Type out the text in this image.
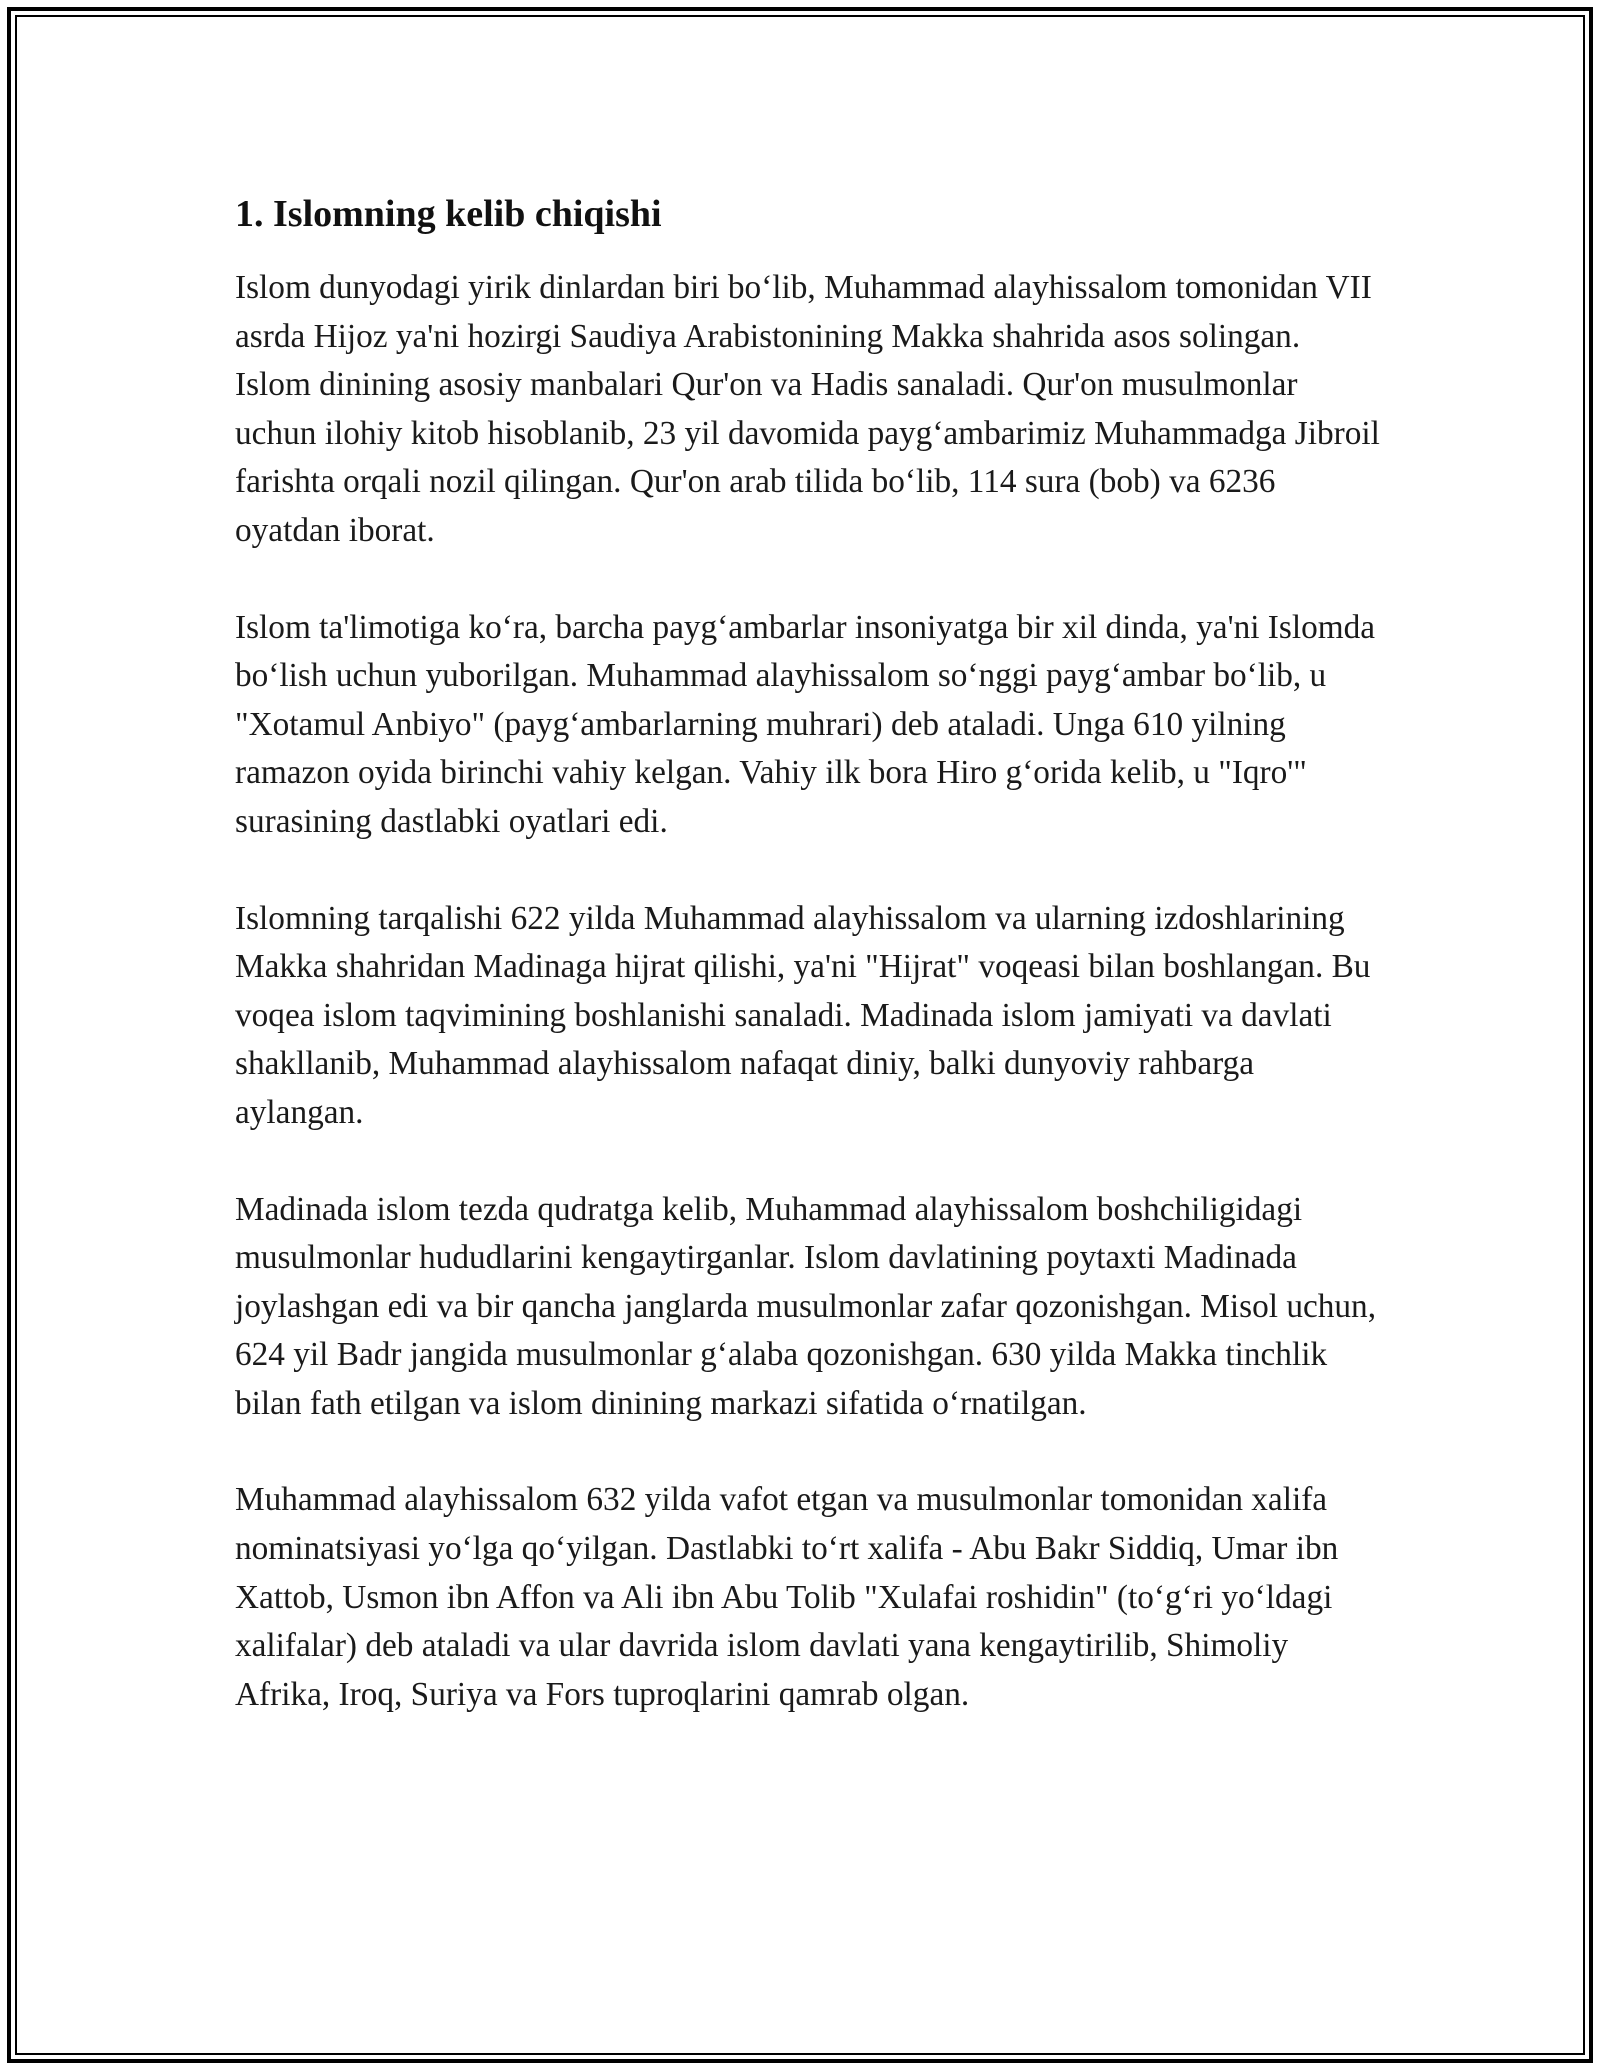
1. Islomning kelib chiqishi

Islom dunyodagi yirik dinlardan biri bo‘lib, Muhammad alayhissalom tomonidan VII asrda Hijoz ya'ni hozirgi Saudiya Arabistonining Makka shahrida asos solingan. Islom dinining asosiy manbalari Qur'on va Hadis sanaladi. Qur'on musulmonlar uchun ilohiy kitob hisoblanib, 23 yil davomida payg‘ambarimiz Muhammadga Jibroil farishta orqali nozil qilingan. Qur'on arab tilida bo‘lib, 114 sura (bob) va 6236 oyatdan iborat.

Islom ta'limotiga ko‘ra, barcha payg‘ambarlar insoniyatga bir xil dinda, ya'ni Islomda bo‘lish uchun yuborilgan. Muhammad alayhissalom so‘nggi payg‘ambar bo‘lib, u "Xotamul Anbiyo" (payg‘ambarlarning muhrari) deb ataladi. Unga 610 yilning ramazon oyida birinchi vahiy kelgan. Vahiy ilk bora Hiro g‘orida kelib, u "Iqro'" surasining dastlabki oyatlari edi.

Islomning tarqalishi 622 yilda Muhammad alayhissalom va ularning izdoshlarining Makka shahridan Madinaga hijrat qilishi, ya'ni "Hijrat" voqeasi bilan boshlangan. Bu voqea islom taqvimining boshlanishi sanaladi. Madinada islom jamiyati va davlati shakllanib, Muhammad alayhissalom nafaqat diniy, balki dunyoviy rahbarga aylangan.

Madinada islom tezda qudratga kelib, Muhammad alayhissalom boshchiligidagi musulmonlar hududlarini kengaytirganlar. Islom davlatining poytaxti Madinada joylashgan edi va bir qancha janglarda musulmonlar zafar qozonishgan. Misol uchun, 624 yil Badr jangida musulmonlar g‘alaba qozonishgan. 630 yilda Makka tinchlik bilan fath etilgan va islom dinining markazi sifatida o‘rnatilgan.

Muhammad alayhissalom 632 yilda vafot etgan va musulmonlar tomonidan xalifa nominatsiyasi yo‘lga qo‘yilgan. Dastlabki to‘rt xalifa - Abu Bakr Siddiq, Umar ibn Xattob, Usmon ibn Affon va Ali ibn Abu Tolib "Xulafai roshidin" (to‘g‘ri yo‘ldagi xalifalar) deb ataladi va ular davrida islom davlati yana kengaytirilib, Shimoliy Afrika, Iroq, Suriya va Fors tuproqlarini qamrab olgan.
